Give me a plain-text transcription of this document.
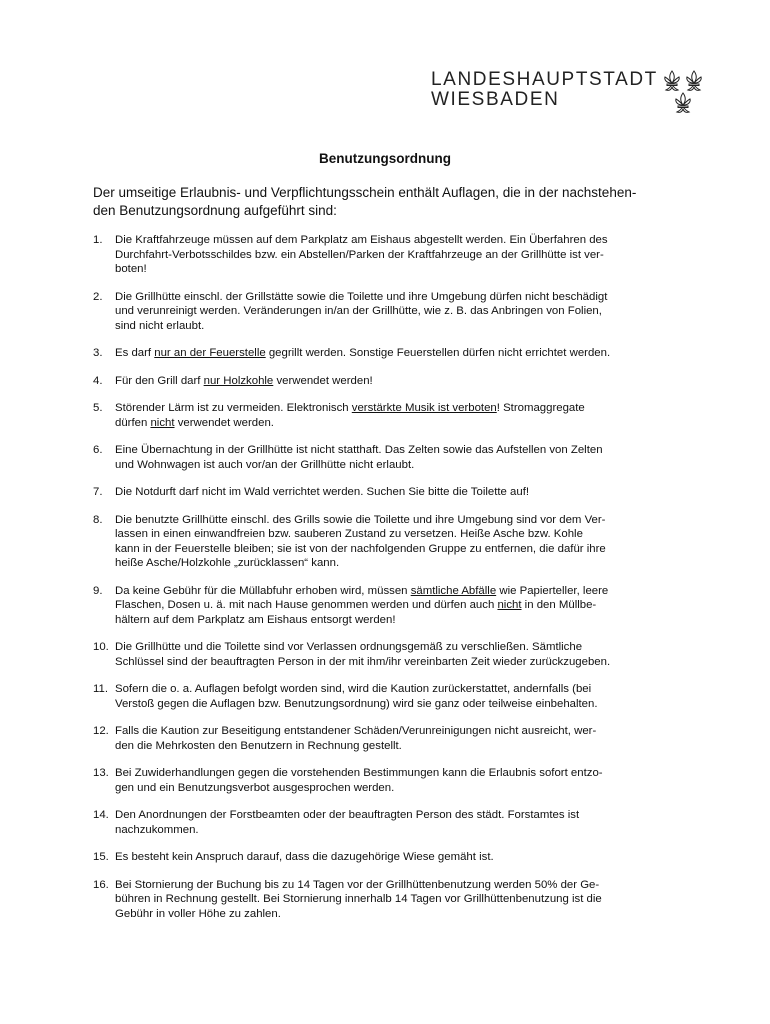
LANDESHAUPTSTADT
WIESBADEN
Benutzungsordnung
Der umseitige Erlaubnis- und Verpflichtungsschein enthält Auflagen, die in der nachstehen-
den Benutzungsordnung aufgeführt sind:
1.	Die Kraftfahrzeuge müssen auf dem Parkplatz am Eishaus abgestellt werden. Ein Überfahren des
Durchfahrt-Verbotsschildes bzw. ein Abstellen/Parken der Kraftfahrzeuge an der Grillhütte ist ver-
boten!
2.	Die Grillhütte einschl. der Grillstätte sowie die Toilette und ihre Umgebung dürfen nicht beschädigt
und verunreinigt werden. Veränderungen in/an der Grillhütte, wie z. B. das Anbringen von Folien,
sind nicht erlaubt.
3.	Es darf nur an der Feuerstelle gegrillt werden. Sonstige Feuerstellen dürfen nicht errichtet werden.
4.	Für den Grill darf nur Holzkohle verwendet werden!
5.	Störender Lärm ist zu vermeiden. Elektronisch verstärkte Musik ist verboten! Stromaggregate
dürfen nicht verwendet werden.
6.	Eine Übernachtung in der Grillhütte ist nicht statthaft. Das Zelten sowie das Aufstellen von Zelten
und Wohnwagen ist auch vor/an der Grillhütte nicht erlaubt.
7.	Die Notdurft darf nicht im Wald verrichtet werden. Suchen Sie bitte die Toilette auf!
8.	Die benutzte Grillhütte einschl. des Grills sowie die Toilette und ihre Umgebung sind vor dem Ver-
lassen in einen einwandfreien bzw. sauberen Zustand zu versetzen. Heiße Asche bzw. Kohle
kann in der Feuerstelle bleiben; sie ist von der nachfolgenden Gruppe zu entfernen, die dafür ihre
heiße Asche/Holzkohle „zurücklassen“ kann.
9.	Da keine Gebühr für die Müllabfuhr erhoben wird, müssen sämtliche Abfälle wie Papierteller, leere
Flaschen, Dosen u. ä. mit nach Hause genommen werden und dürfen auch nicht in den Müllbe-
hältern auf dem Parkplatz am Eishaus entsorgt werden!
10. Die Grillhütte und die Toilette sind vor Verlassen ordnungsgemäß zu verschließen. Sämtliche
Schlüssel sind der beauftragten Person in der mit ihm/ihr vereinbarten Zeit wieder zurückzugeben.
11. Sofern die o. a. Auflagen befolgt worden sind, wird die Kaution zurückerstattet, andernfalls (bei
Verstoß gegen die Auflagen bzw. Benutzungsordnung) wird sie ganz oder teilweise einbehalten.
12. Falls die Kaution zur Beseitigung entstandener Schäden/Verunreinigungen nicht ausreicht, wer-
den die Mehrkosten den Benutzern in Rechnung gestellt.
13. Bei Zuwiderhandlungen gegen die vorstehenden Bestimmungen kann die Erlaubnis sofort entzo-
gen und ein Benutzungsverbot ausgesprochen werden.
14. Den Anordnungen der Forstbeamten oder der beauftragten Person des städt. Forstamtes ist
nachzukommen.
15. Es besteht kein Anspruch darauf, dass die dazugehörige Wiese gemäht ist.
16. Bei Stornierung der Buchung bis zu 14 Tagen vor der Grillhüttenbenutzung werden 50% der Ge-
bühren in Rechnung gestellt. Bei Stornierung innerhalb 14 Tagen vor Grillhüttenbenutzung ist die
Gebühr in voller Höhe zu zahlen.
